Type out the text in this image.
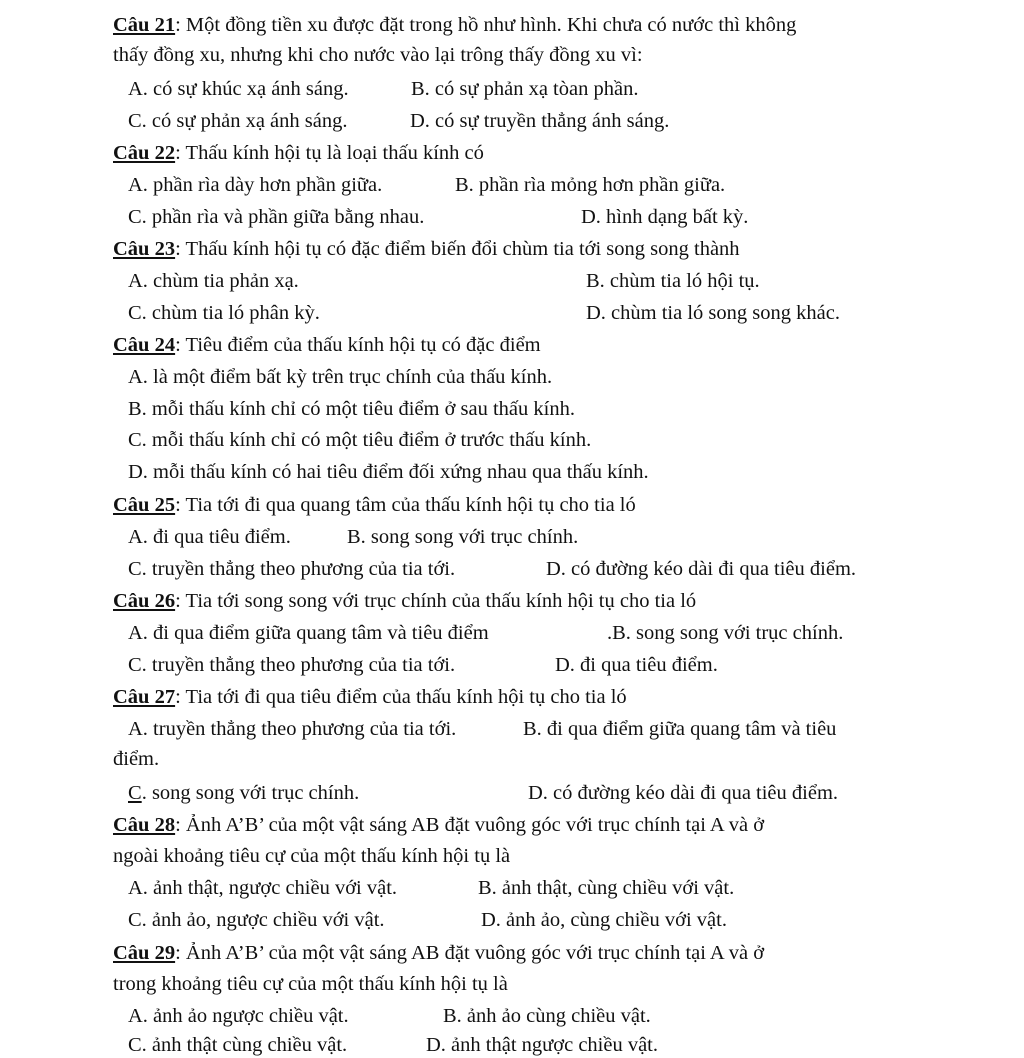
Câu 21: Một đồng tiền xu được đặt trong hồ như hình. Khi chưa có nước thì không
thấy đồng xu, nhưng khi cho nước vào lại trông thấy đồng xu vì:
A. có sự khúc xạ ánh sáng.	B. có sự phản xạ tòan phần.
C. có sự phản xạ ánh sáng.	D. có sự truyền thẳng ánh sáng.
Câu 22: Thấu kính hội tụ là loại thấu kính có
A. phần rìa dày hơn phần giữa.	B. phần rìa mỏng hơn phần giữa.
C. phần rìa và phần giữa bằng nhau.	D. hình dạng bất kỳ.
Câu 23: Thấu kính hội tụ có đặc điểm biến đổi chùm tia tới song song thành
A. chùm tia phản xạ.	B. chùm tia ló hội tụ.
C. chùm tia ló phân kỳ.	D. chùm tia ló song song khác.
Câu 24: Tiêu điểm của thấu kính hội tụ có đặc điểm
A. là một điểm bất kỳ trên trục chính của thấu kính.
B. mỗi thấu kính chỉ có một tiêu điểm ở sau thấu kính.
C. mỗi thấu kính chỉ có một tiêu điểm ở trước thấu kính.
D. mỗi thấu kính có hai tiêu điểm đối xứng nhau qua thấu kính.
Câu 25: Tia tới đi qua quang tâm của thấu kính hội tụ cho tia ló
A. đi qua tiêu điểm.	B. song song với trục chính.
C. truyền thẳng theo phương của tia tới.	D. có đường kéo dài đi qua tiêu điểm.
Câu 26: Tia tới song song với trục chính của thấu kính hội tụ cho tia ló
A. đi qua điểm giữa quang tâm và tiêu điểm	.B. song song với trục chính.
C. truyền thẳng theo phương của tia tới.	D. đi qua tiêu điểm.
Câu 27: Tia tới đi qua tiêu điểm của thấu kính hội tụ cho tia ló
A. truyền thẳng theo phương của tia tới.	B. đi qua điểm giữa quang tâm và tiêu
điểm.
C. song song với trục chính.	D. có đường kéo dài đi qua tiêu điểm.
Câu 28: Ảnh A’B’ của một vật sáng AB đặt vuông góc với trục chính tại A và ở
ngoài khoảng tiêu cự của một thấu kính hội tụ là
A. ảnh thật, ngược chiều với vật.	B. ảnh thật, cùng chiều với vật.
C. ảnh ảo, ngược chiều với vật.	D. ảnh ảo, cùng chiều với vật.
Câu 29: Ảnh A’B’ của một vật sáng AB đặt vuông góc với trục chính tại A và ở
trong khoảng tiêu cự của một thấu kính hội tụ là
A. ảnh ảo ngược chiều vật.	B. ảnh ảo cùng chiều vật.
C. ảnh thật cùng chiều vật.	D. ảnh thật ngược chiều vật.
